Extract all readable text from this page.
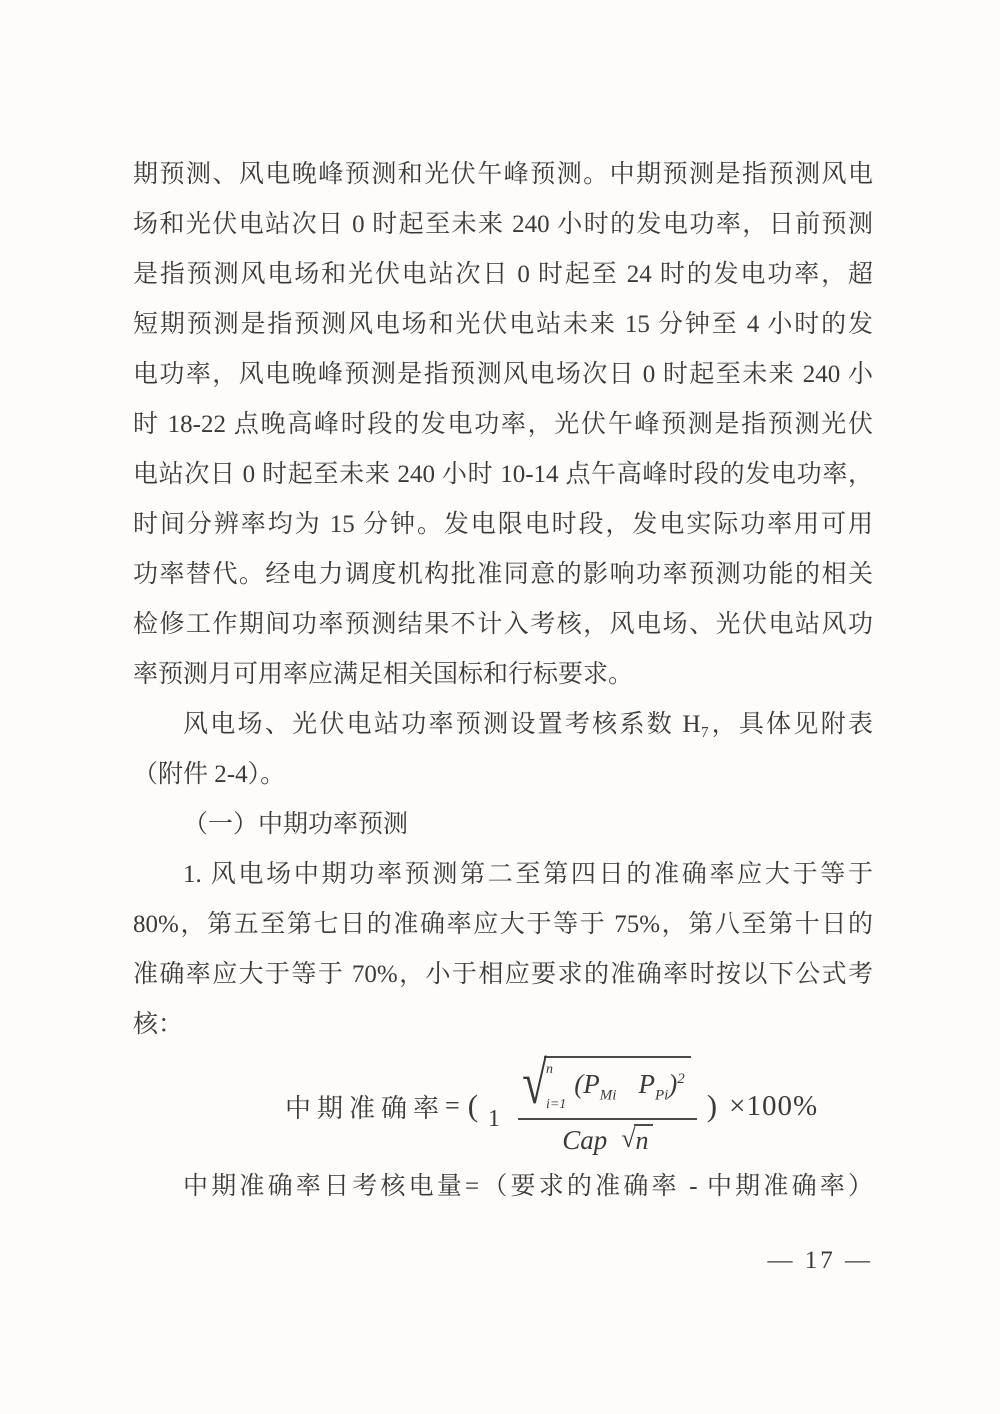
期预测、风电晚峰预测和光伏午峰预测。中期预测是指预测风电
场和光伏电站次日 0 时起至未来 240 小时的发电功率，日前预测
是指预测风电场和光伏电站次日 0 时起至 24 时的发电功率，超
短期预测是指预测风电场和光伏电站未来 15 分钟至 4 小时的发
电功率，风电晚峰预测是指预测风电场次日 0 时起至未来 240 小
时 18-22 点晚高峰时段的发电功率，光伏午峰预测是指预测光伏
电站次日 0 时起至未来 240 小时 10-14 点午高峰时段的发电功率，
时间分辨率均为 15 分钟。发电限电时段，发电实际功率用可用
功率替代。经电力调度机构批准同意的影响功率预测功能的相关
检修工作期间功率预测结果不计入考核，风电场、光伏电站风功
率预测月可用率应满足相关国标和行标要求。
风电场、光伏电站功率预测设置考核系数 H₇，具体见附表
（附件 2-4）。
（一）中期功率预测
1. 风电场中期功率预测第二至第四日的准确率应大于等于
80%，第五至第七日的准确率应大于等于 75%，第八至第十日的
准确率应大于等于 70%，小于相应要求的准确率时按以下公式考
核：
中期准确率 = ( 1
√ n
i=1
($P_{Mi}$ $P_{Pi})^2$
Cap √ n
) ×100%
中期准确率日考核电量=（要求的准确率 - 中期准确率）
— 17 —
